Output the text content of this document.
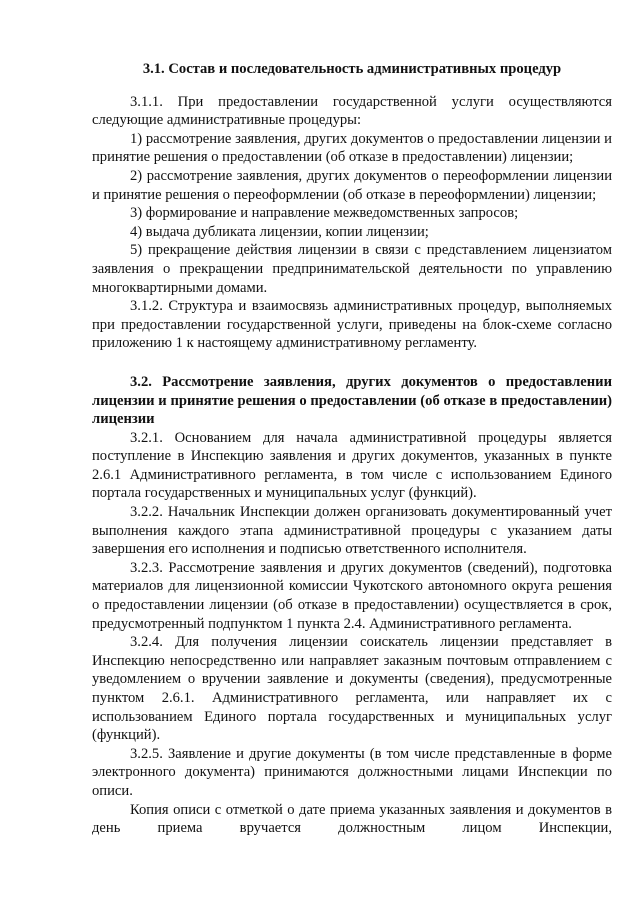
3.1. Состав и последовательность административных процедур

3.1.1. При предоставлении государственной услуги осуществляются следующие административные процедуры:

1) рассмотрение заявления, других документов о предоставлении лицензии и принятие решения о предоставлении (об отказе в предоставлении) лицензии;

2) рассмотрение заявления, других документов о переоформлении лицензии и принятие решения о переоформлении (об отказе в переоформлении) лицензии;

3) формирование и направление межведомственных запросов;

4) выдача дубликата лицензии, копии лицензии;

5) прекращение действия лицензии в связи с представлением лицензиатом заявления о прекращении предпринимательской деятельности по управлению многоквартирными домами.

3.1.2. Структура и взаимосвязь административных процедур, выполняемых при предоставлении государственной услуги, приведены на блок-схеме согласно приложению 1 к настоящему административному регламенту.

3.2. Рассмотрение заявления, других документов о предоставлении лицензии и принятие решения о предоставлении (об отказе в предоставлении) лицензии

3.2.1. Основанием для начала административной процедуры является поступление в Инспекцию заявления и других документов, указанных в пункте 2.6.1 Административного регламента, в том числе с использованием Единого портала государственных и муниципальных услуг (функций).

3.2.2. Начальник Инспекции должен организовать документированный учет выполнения каждого этапа административной процедуры с указанием даты завершения его исполнения и подписью ответственного исполнителя.

3.2.3. Рассмотрение заявления и других документов (сведений), подготовка материалов для лицензионной комиссии Чукотского автономного округа решения о предоставлении лицензии (об отказе в предоставлении) осуществляется в срок, предусмотренный подпунктом 1 пункта 2.4. Административного регламента.

3.2.4. Для получения лицензии соискатель лицензии представляет в Инспекцию непосредственно или направляет заказным почтовым отправлением с уведомлением о вручении заявление и документы (сведения), предусмотренные пунктом 2.6.1. Административного регламента, или направляет их с использованием Единого портала государственных и муниципальных услуг (функций).

3.2.5. Заявление и другие документы (в том числе представленные в форме электронного документа) принимаются должностными лицами Инспекции по описи.

Копия описи с отметкой о дате приема указанных заявления и документов в день приема вручается должностным лицом Инспекции,
